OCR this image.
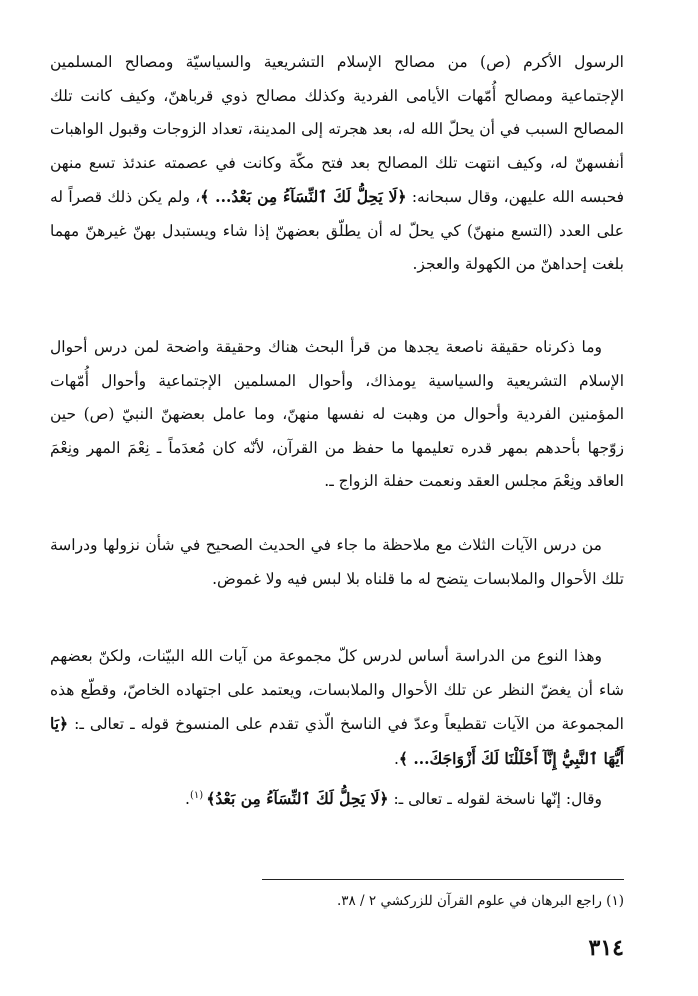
الرسول الأكرم (ص) من مصالح الإسلام التشريعية والسياسيّة ومصالح المسلمين الإجتماعية ومصالح أُمّهات الأيامى الفردية وكذلك مصالح ذوي قرباهنّ، وكيف كانت تلك المصالح السبب في أن يحلّ الله له، بعد هجرته إلى المدينة، تعداد الزوجات وقبول الواهبات أنفسهنّ له، وكيف انتهت تلك المصالح بعد فتح مكّة وكانت في عصمته عندئذ تسع منهن فحبسه الله عليهن، وقال سبحانه: ﴿لَا يَحِلُّ لَكَ ٱلنِّسَآءُ مِن بَعْدُ... ﴾، ولم يكن ذلك قصراً له على العدد (التسع منهنّ) كي يحلّ له أن يطلّق بعضهنّ إذا شاء ويستبدل بهنّ غيرهنّ مهما بلغت إحداهنّ من الكهولة والعجز.

وما ذكرناه حقيقة ناصعة يجدها من قرأ البحث هناك وحقيقة واضحة لمن درس أحوال الإسلام التشريعية والسياسية يومذاك، وأحوال المسلمين الإجتماعية وأحوال أُمّهات المؤمنين الفردية وأحوال من وهبت له نفسها منهنّ، وما عامل بعضهنّ النبيّ (ص) حين زوّجها بأحدهم بمهر قدره تعليمها ما حفظ من القرآن، لأنّه كان مُعدَماً ـ نِعْمَ المهر ونِعْمَ العاقد ونِعْمَ مجلس العقد ونعمت حفلة الزواج ـ.

من درس الآيات الثلاث مع ملاحظة ما جاء في الحديث الصحيح في شأن نزولها ودراسة تلك الأحوال والملابسات يتضح له ما قلناه بلا لبس فيه ولا غموض.

وهذا النوع من الدراسة أساس لدرس كلّ مجموعة من آيات الله البيّنات، ولكنّ بعضهم شاء أن يغضّ النظر عن تلك الأحوال والملابسات، ويعتمد على اجتهاده الخاصّ، وقطّع هذه المجموعة من الآيات تقطيعاً وعدّ في الناسخ الّذي تقدم على المنسوخ قوله ـ تعالى ـ: ﴿يَا أَيُّهَا ٱلنَّبِيُّ إِنَّآ أَحْلَلْنَا لَكَ أَزْوَاجَكَ... ﴾.

وقال: إنّها ناسخة لقوله ـ تعالى ـ: ﴿لَا يَحِلُّ لَكَ ٱلنِّسَآءُ مِن بَعْدُ﴾ $^{(١)}$.

(١) راجع البرهان في علوم القرآن للزركشي ٢ / ٣٨.
٣١٤
